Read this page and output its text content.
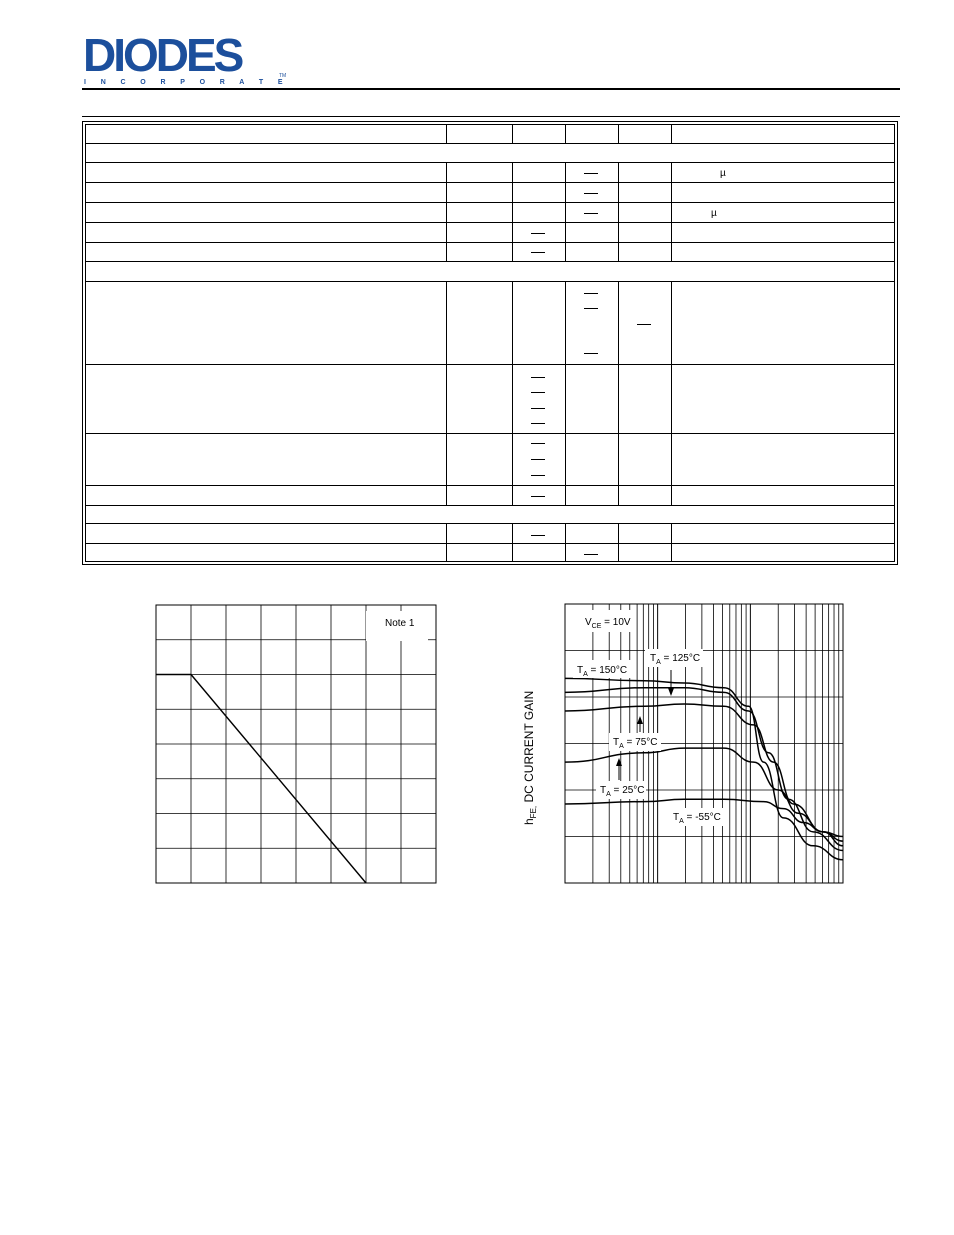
DIODES
I N C O R P O R A T E D
TM
µ
µ
Note 1
$h_{FE,}$ DC CURRENT GAIN
$V_{CE} = 10V$
$T_A = 150^\circ C$
$T_A = 125^\circ C$
$T_A = 75^\circ C$
$T_A = 25^\circ C$
$T_A = -55^\circ C$
